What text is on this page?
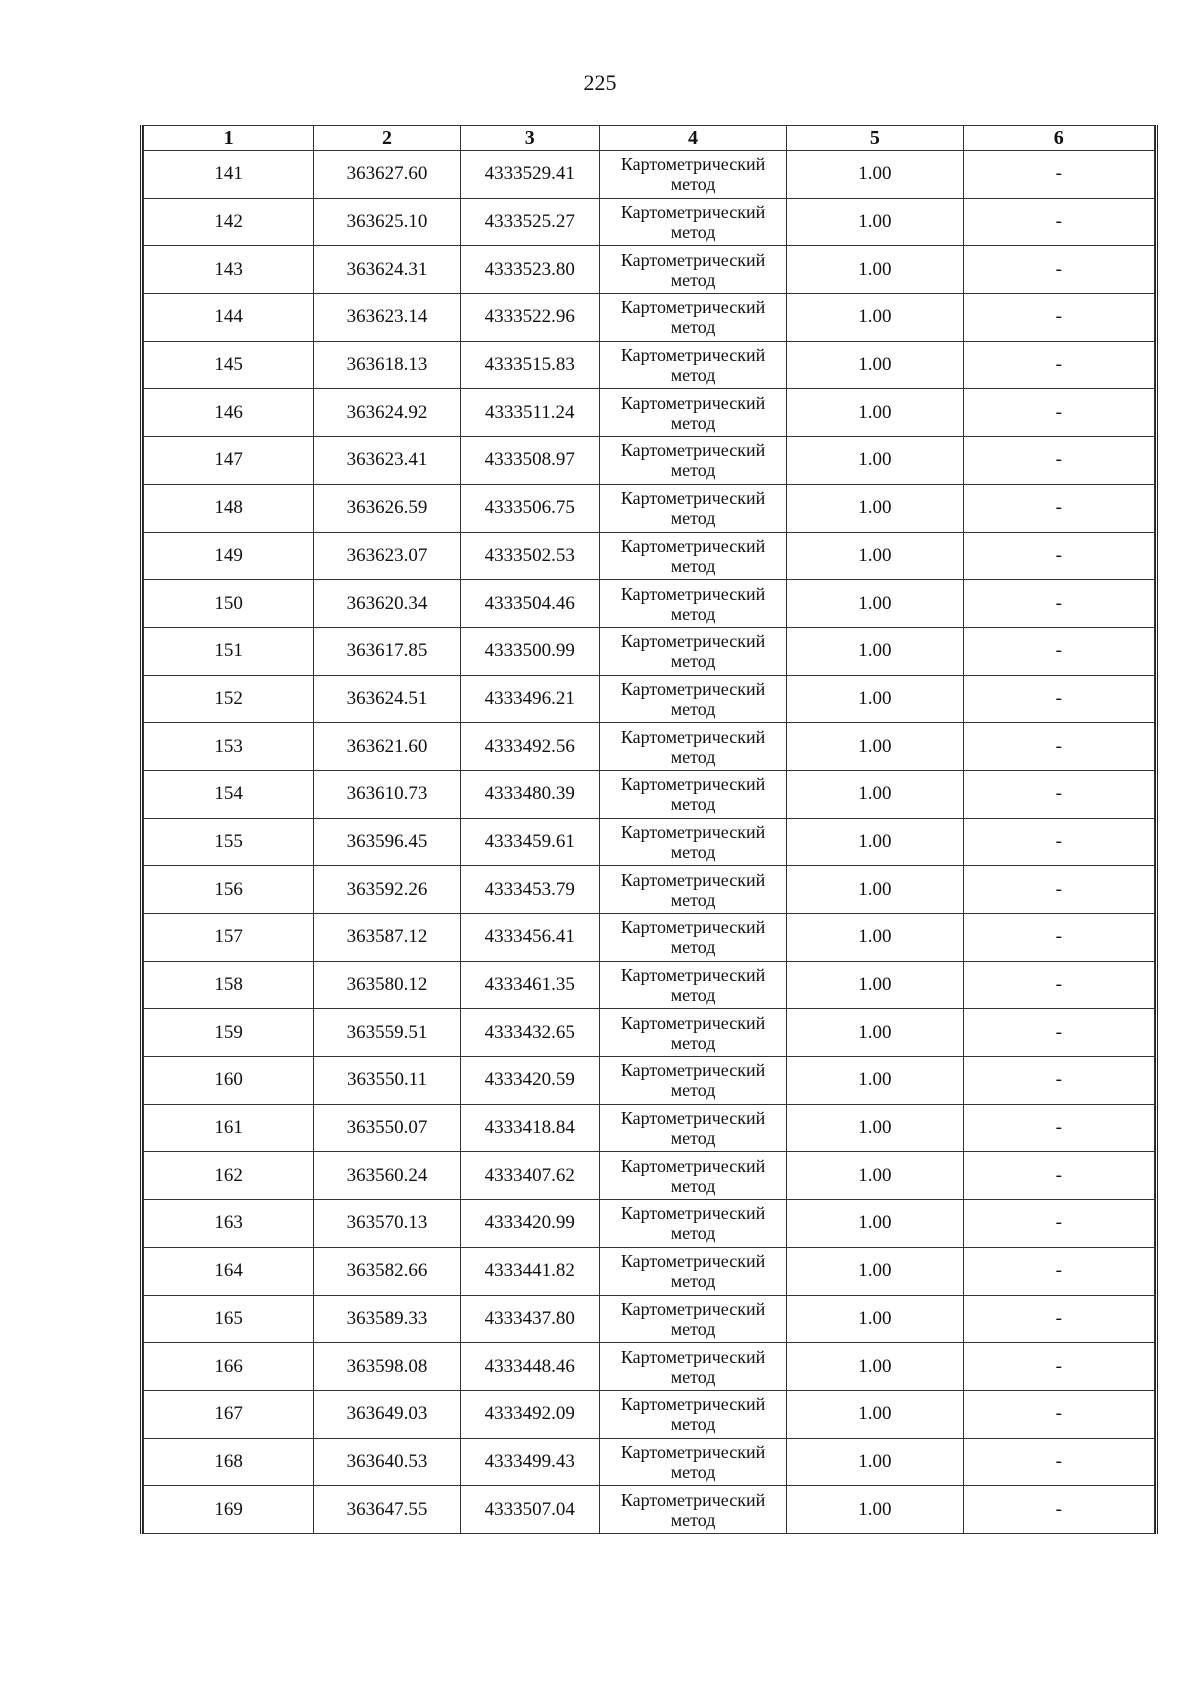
225
1	2	3	4	5	6
141	363627.60	4333529.41	Картометрический метод	1.00	-
142	363625.10	4333525.27	Картометрический метод	1.00	-
143	363624.31	4333523.80	Картометрический метод	1.00	-
144	363623.14	4333522.96	Картометрический метод	1.00	-
145	363618.13	4333515.83	Картометрический метод	1.00	-
146	363624.92	4333511.24	Картометрический метод	1.00	-
147	363623.41	4333508.97	Картометрический метод	1.00	-
148	363626.59	4333506.75	Картометрический метод	1.00	-
149	363623.07	4333502.53	Картометрический метод	1.00	-
150	363620.34	4333504.46	Картометрический метод	1.00	-
151	363617.85	4333500.99	Картометрический метод	1.00	-
152	363624.51	4333496.21	Картометрический метод	1.00	-
153	363621.60	4333492.56	Картометрический метод	1.00	-
154	363610.73	4333480.39	Картометрический метод	1.00	-
155	363596.45	4333459.61	Картометрический метод	1.00	-
156	363592.26	4333453.79	Картометрический метод	1.00	-
157	363587.12	4333456.41	Картометрический метод	1.00	-
158	363580.12	4333461.35	Картометрический метод	1.00	-
159	363559.51	4333432.65	Картометрический метод	1.00	-
160	363550.11	4333420.59	Картометрический метод	1.00	-
161	363550.07	4333418.84	Картометрический метод	1.00	-
162	363560.24	4333407.62	Картометрический метод	1.00	-
163	363570.13	4333420.99	Картометрический метод	1.00	-
164	363582.66	4333441.82	Картометрический метод	1.00	-
165	363589.33	4333437.80	Картометрический метод	1.00	-
166	363598.08	4333448.46	Картометрический метод	1.00	-
167	363649.03	4333492.09	Картометрический метод	1.00	-
168	363640.53	4333499.43	Картометрический метод	1.00	-
169	363647.55	4333507.04	Картометрический метод	1.00	-
